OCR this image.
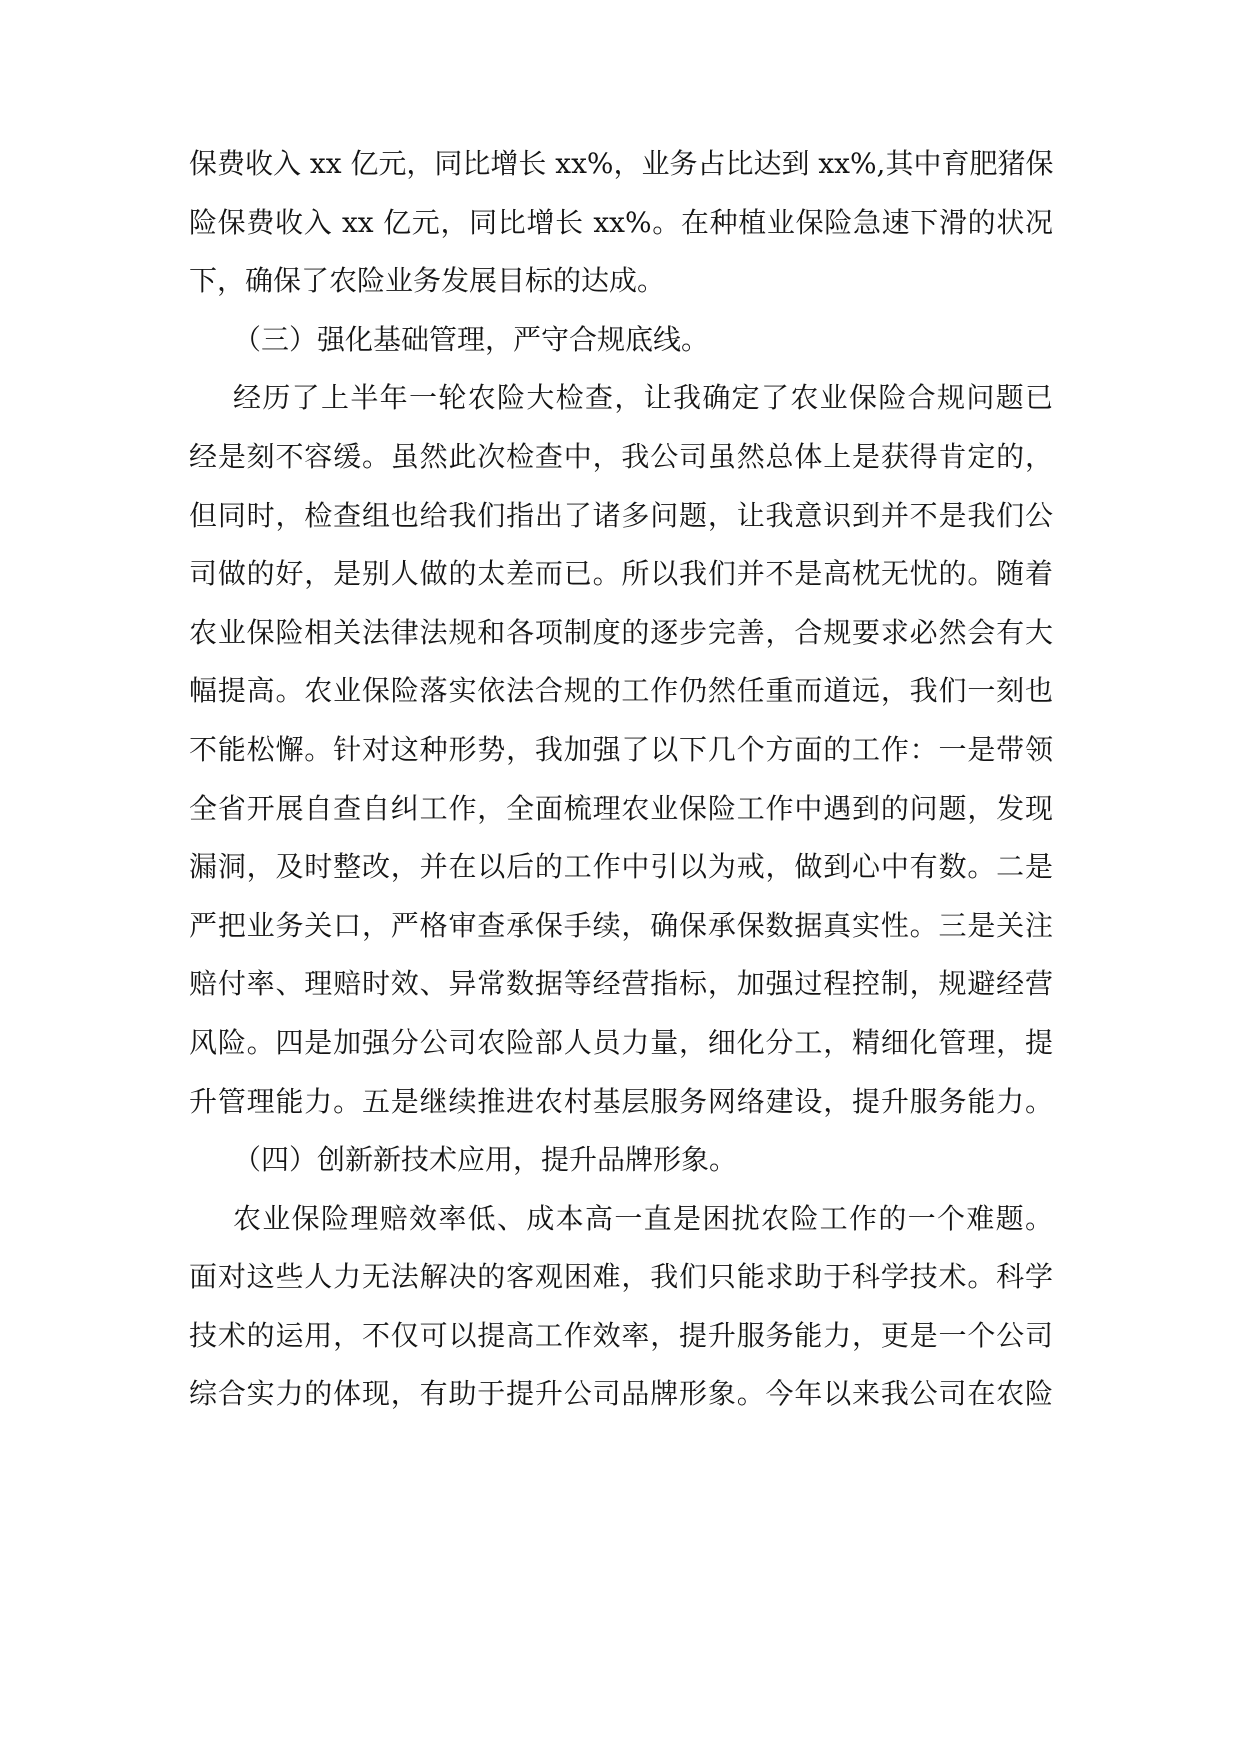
保费收入 xx 亿元，同比增长 xx%，业务占比达到 xx%,其中育肥猪保
险保费收入 xx 亿元，同比增长 xx%。在种植业保险急速下滑的状况
下，确保了农险业务发展目标的达成。
（三）强化基础管理，严守合规底线。
经历了上半年一轮农险大检查，让我确定了农业保险合规问题已
经是刻不容缓。虽然此次检查中，我公司虽然总体上是获得肯定的，
但同时，检查组也给我们指出了诸多问题，让我意识到并不是我们公
司做的好，是别人做的太差而已。所以我们并不是高枕无忧的。随着
农业保险相关法律法规和各项制度的逐步完善，合规要求必然会有大
幅提高。农业保险落实依法合规的工作仍然任重而道远，我们一刻也
不能松懈。针对这种形势，我加强了以下几个方面的工作：一是带领
全省开展自查自纠工作，全面梳理农业保险工作中遇到的问题，发现
漏洞，及时整改，并在以后的工作中引以为戒，做到心中有数。二是
严把业务关口，严格审查承保手续，确保承保数据真实性。三是关注
赔付率、理赔时效、异常数据等经营指标，加强过程控制，规避经营
风险。四是加强分公司农险部人员力量，细化分工，精细化管理，提
升管理能力。五是继续推进农村基层服务网络建设，提升服务能力。
（四）创新新技术应用，提升品牌形象。
农业保险理赔效率低、成本高一直是困扰农险工作的一个难题。
面对这些人力无法解决的客观困难，我们只能求助于科学技术。科学
技术的运用，不仅可以提高工作效率，提升服务能力，更是一个公司
综合实力的体现，有助于提升公司品牌形象。今年以来我公司在农险
